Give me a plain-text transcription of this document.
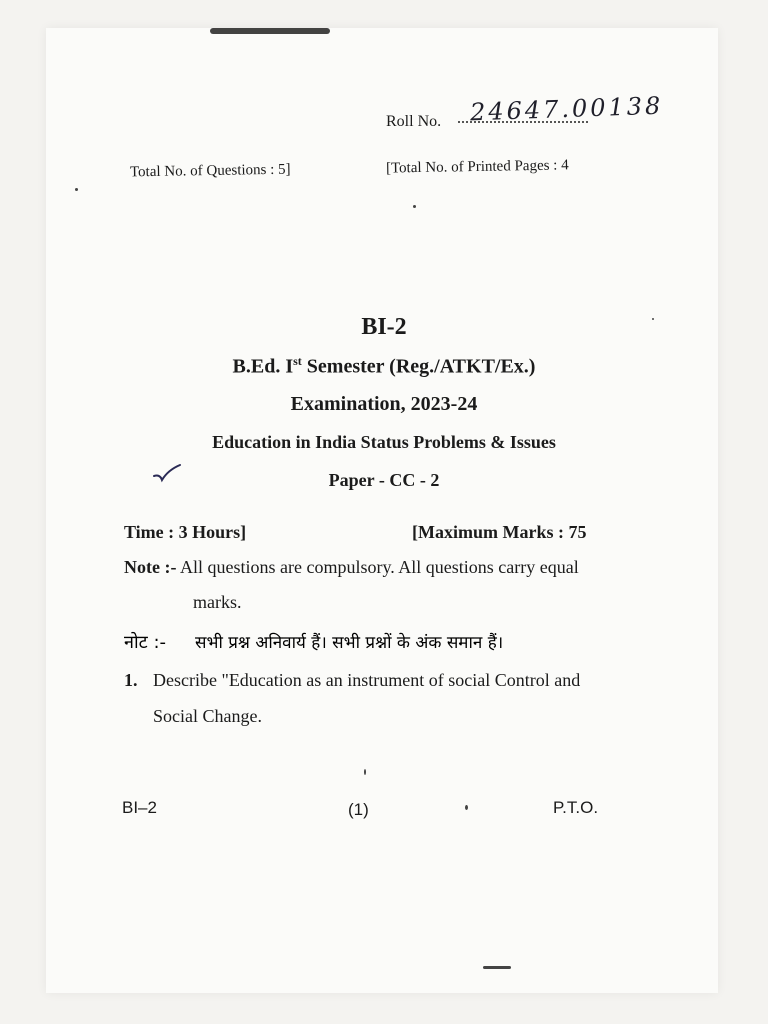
Roll No. 24647.00138
Total No. of Questions : 5]	[Total No. of Printed Pages : 4
BI-2
B.Ed. Ist Semester (Reg./ATKT/Ex.)
Examination, 2023-24
Education in India Status Problems & Issues
Paper - CC - 2
Time : 3 Hours]	[Maximum Marks : 75
Note :- All questions are compulsory. All questions carry equal
marks.
नोट :- सभी प्रश्न अनिवार्य हैं। सभी प्रश्नों के अंक समान हैं।
1. Describe "Education as an instrument of social Control and
Social Change.
BI–2	(1)	P.T.O.
